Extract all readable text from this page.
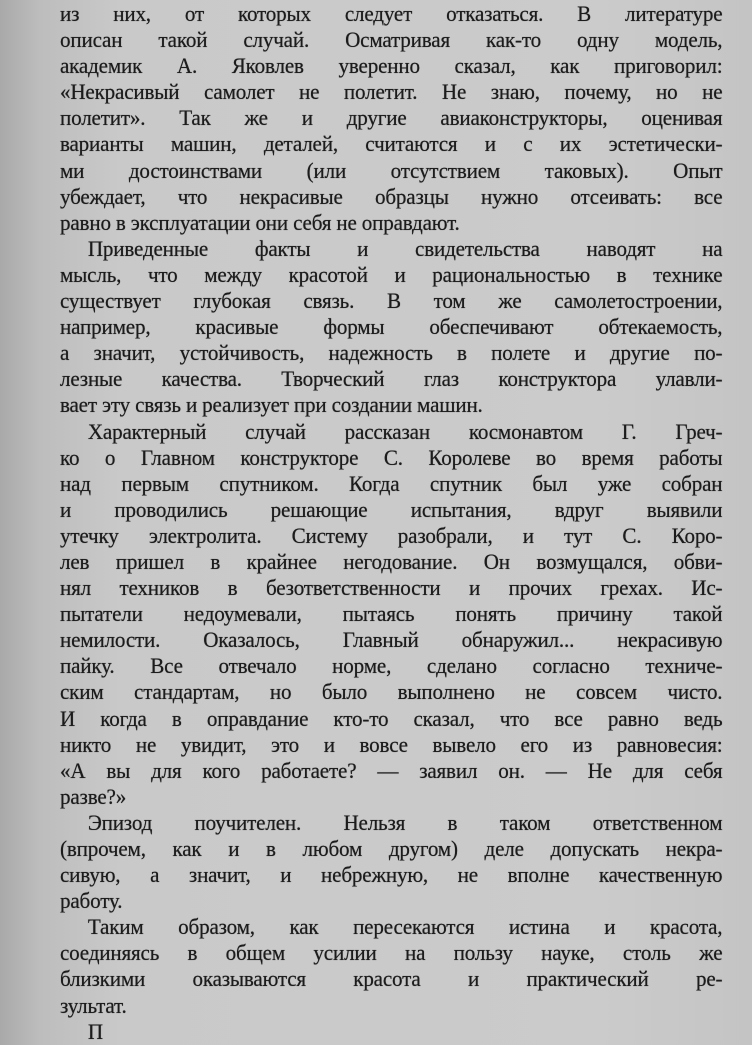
из них, от которых следует отказаться. В литературе
описан такой случай. Осматривая как-то одну модель,
академик А. Яковлев уверенно сказал, как приговорил:
«Некрасивый самолет не полетит. Не знаю, почему, но не
полетит». Так же и другие авиаконструкторы, оценивая
варианты машин, деталей, считаются и с их эстетически-
ми достоинствами (или отсутствием таковых). Опыт
убеждает, что некрасивые образцы нужно отсеивать: все
равно в эксплуатации они себя не оправдают.
Приведенные факты и свидетельства наводят на
мысль, что между красотой и рациональностью в технике
существует глубокая связь. В том же самолетостроении,
например, красивые формы обеспечивают обтекаемость,
а значит, устойчивость, надежность в полете и другие по-
лезные качества. Творческий глаз конструктора улавли-
вает эту связь и реализует при создании машин.
Характерный случай рассказан космонавтом Г. Греч-
ко о Главном конструкторе С. Королеве во время работы
над первым спутником. Когда спутник был уже собран
и проводились решающие испытания, вдруг выявили
утечку электролита. Систему разобрали, и тут С. Коро-
лев пришел в крайнее негодование. Он возмущался, обви-
нял техников в безответственности и прочих грехах. Ис-
пытатели недоумевали, пытаясь понять причину такой
немилости. Оказалось, Главный обнаружил... некрасивую
пайку. Все отвечало норме, сделано согласно техниче-
ским стандартам, но было выполнено не совсем чисто.
И когда в оправдание кто-то сказал, что все равно ведь
никто не увидит, это и вовсе вывело его из равновесия:
«А вы для кого работаете? — заявил он. — Не для себя
разве?»
Эпизод поучителен. Нельзя в таком ответственном
(впрочем, как и в любом другом) деле допускать некра-
сивую, а значит, и небрежную, не вполне качественную
работу.
Таким образом, как пересекаются истина и красота,
соединяясь в общем усилии на пользу науке, столь же
близкими оказываются красота и практический ре-
зультат.
П
